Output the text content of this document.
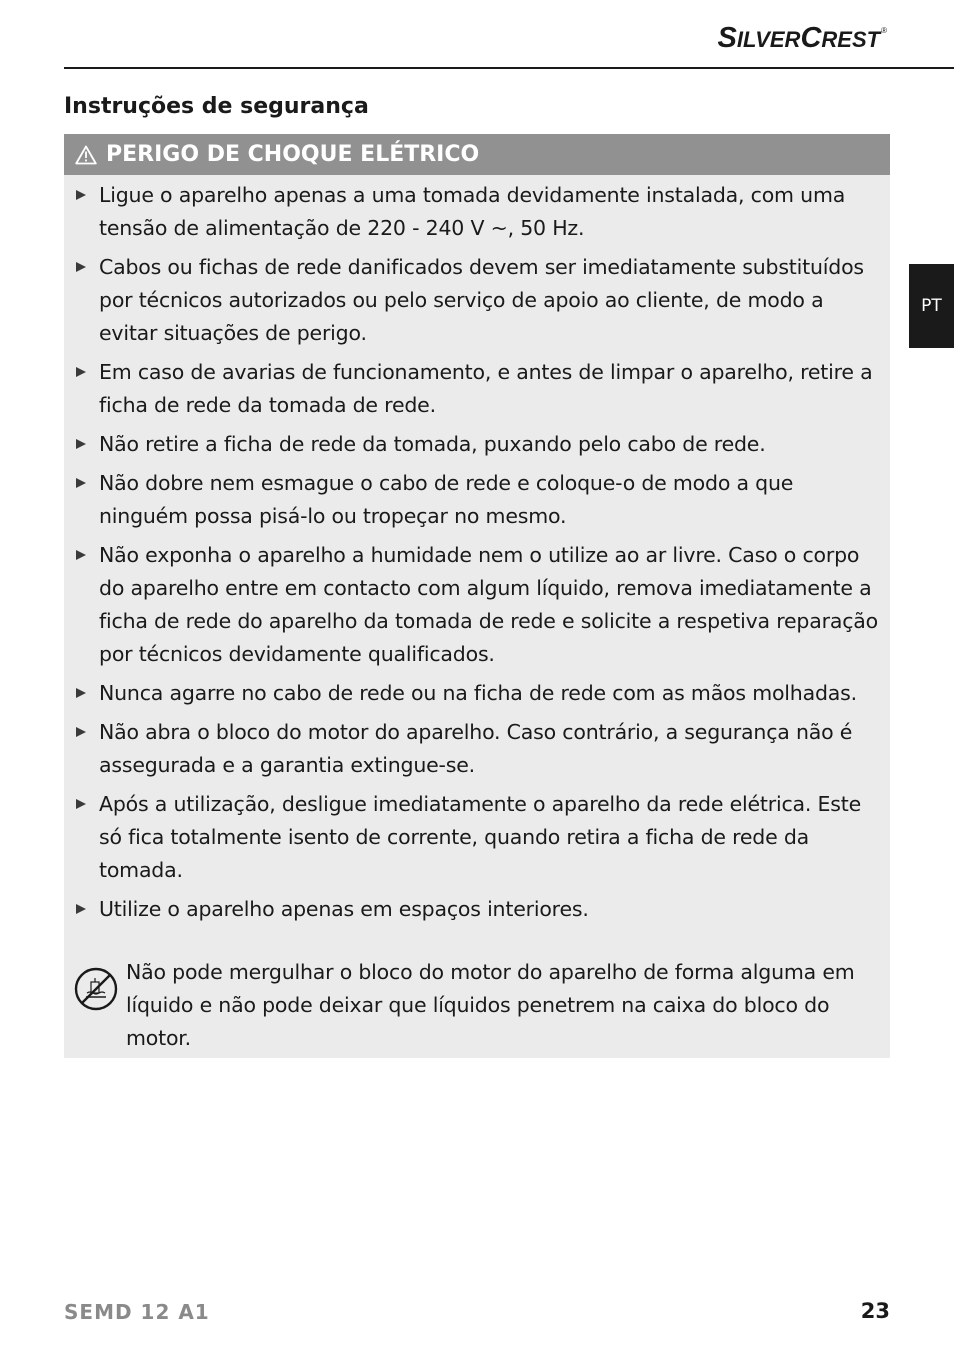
SILVERCREST®
Instruções de segurança
PT
PERIGO DE CHOQUE ELÉTRICO
Ligue o aparelho apenas a uma tomada devidamente instalada, com uma tensão de alimentação de 220 - 240 V ~, 50 Hz.
Cabos ou fichas de rede danificados devem ser imediatamente substituídos por técnicos autorizados ou pelo serviço de apoio ao cliente, de modo a evitar situações de perigo.
Em caso de avarias de funcionamento, e antes de limpar o aparelho, retire a ficha de rede da tomada de rede.
Não retire a ficha de rede da tomada, puxando pelo cabo de rede.
Não dobre nem esmague o cabo de rede e coloque-o de modo a que ninguém possa pisá-lo ou tropeçar no mesmo.
Não exponha o aparelho a humidade nem o utilize ao ar livre. Caso o corpo do aparelho entre em contacto com algum líquido, remova imediatamente a ficha de rede do aparelho da tomada de rede e solicite a respetiva reparação por técnicos devidamente qualificados.
Nunca agarre no cabo de rede ou na ficha de rede com as mãos molhadas.
Não abra o bloco do motor do aparelho. Caso contrário, a segurança não é assegurada e a garantia extingue-se.
Após a utilização, desligue imediatamente o aparelho da rede elétrica. Este só fica totalmente isento de corrente, quando retira a ficha de rede da tomada.
Utilize o aparelho apenas em espaços interiores.
Não pode mergulhar o bloco do motor do aparelho de forma alguma em líquido e não pode deixar que líquidos penetrem na caixa do bloco do motor.
SEMD 12 A1	23
